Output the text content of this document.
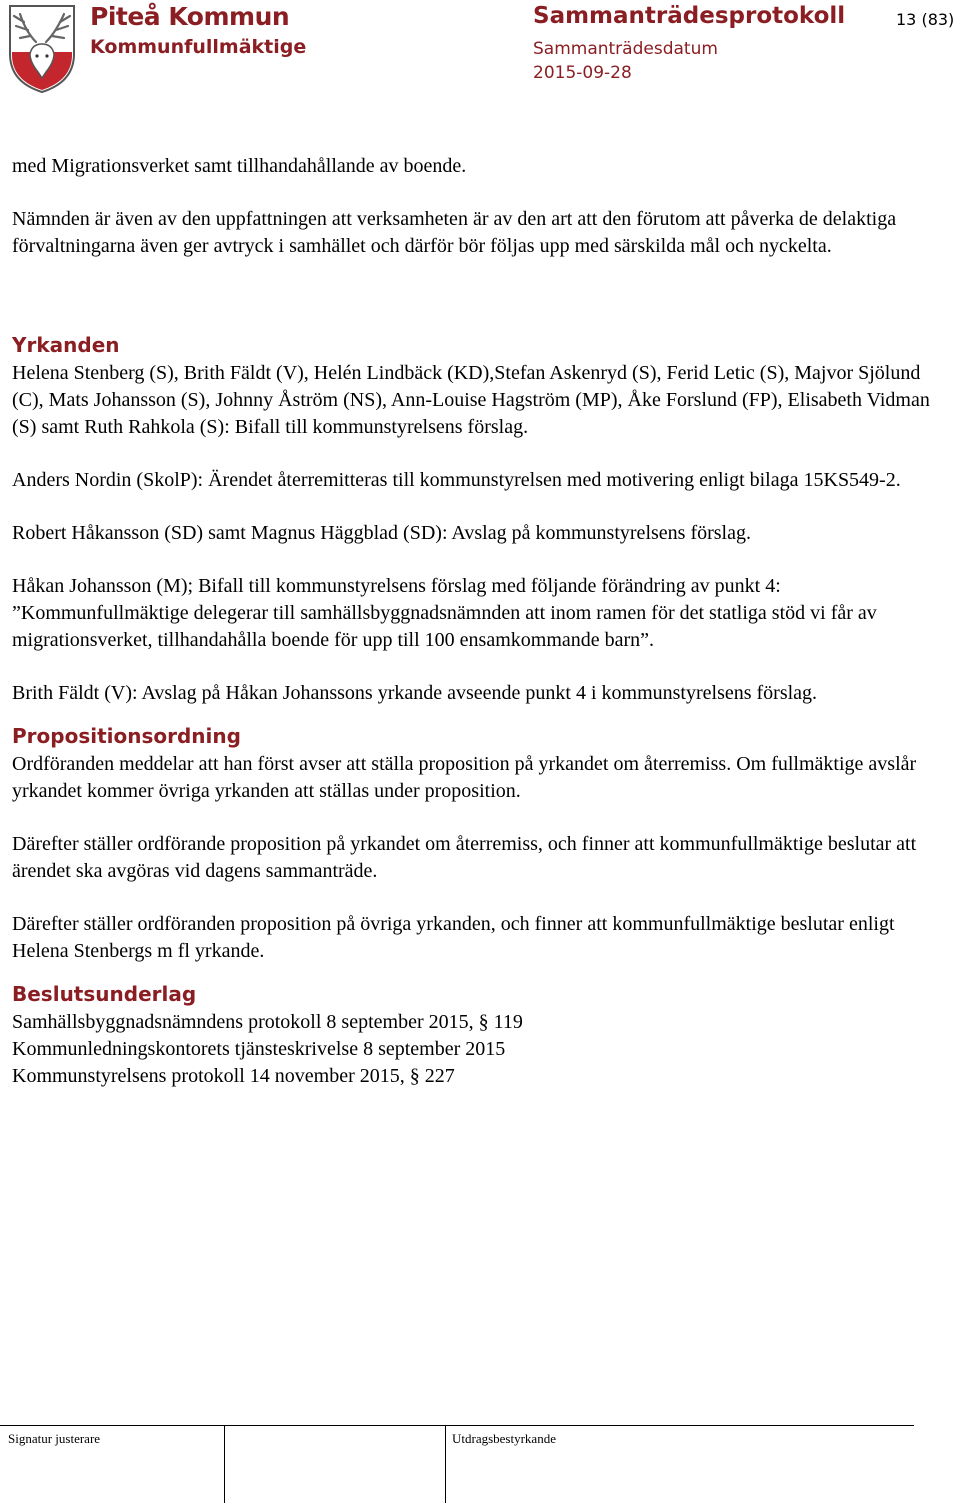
Piteå Kommun
Kommunfullmäktige
Sammanträdesprotokoll
Sammanträdesdatum
2015-09-28
13 (83)

med Migrationsverket samt tillhandahållande av boende.

Nämnden är även av den uppfattningen att verksamheten är av den art att den förutom att påverka de delaktiga förvaltningarna även ger avtryck i samhället och därför bör följas upp med särskilda mål och nyckelta.

Yrkanden

Helena Stenberg (S), Brith Fäldt (V), Helén Lindbäck (KD),Stefan Askenryd (S), Ferid Letic (S), Majvor Sjölund (C), Mats Johansson (S), Johnny Åström (NS), Ann-Louise Hagström (MP), Åke Forslund (FP), Elisabeth Vidman (S) samt Ruth Rahkola (S): Bifall till kommunstyrelsens förslag.

Anders Nordin (SkolP): Ärendet återremitteras till kommunstyrelsen med motivering enligt bilaga 15KS549-2.

Robert Håkansson (SD) samt Magnus Häggblad (SD): Avslag på kommunstyrelsens förslag.

Håkan Johansson (M); Bifall till kommunstyrelsens förslag med följande förändring av punkt 4: ”Kommunfullmäktige delegerar till samhällsbyggnadsnämnden att inom ramen för det statliga stöd vi får av migrationsverket, tillhandahålla boende för upp till 100 ensamkommande barn”.

Brith Fäldt (V): Avslag på Håkan Johanssons yrkande avseende punkt 4 i kommunstyrelsens förslag.

Propositionsordning

Ordföranden meddelar att han först avser att ställa proposition på yrkandet om återremiss. Om fullmäktige avslår yrkandet kommer övriga yrkanden att ställas under proposition.

Därefter ställer ordförande proposition på yrkandet om återremiss, och finner att kommunfullmäktige beslutar att ärendet ska avgöras vid dagens sammanträde.

Därefter ställer ordföranden proposition på övriga yrkanden, och finner att kommunfullmäktige beslutar enligt Helena Stenbergs m fl yrkande.

Beslutsunderlag

Samhällsbyggnadsnämndens protokoll 8 september 2015, § 119

Kommunledningskontorets tjänsteskrivelse 8 september 2015

Kommunstyrelsens protokoll 14 november 2015, § 227

Signatur justerare	Utdragsbestyrkande
